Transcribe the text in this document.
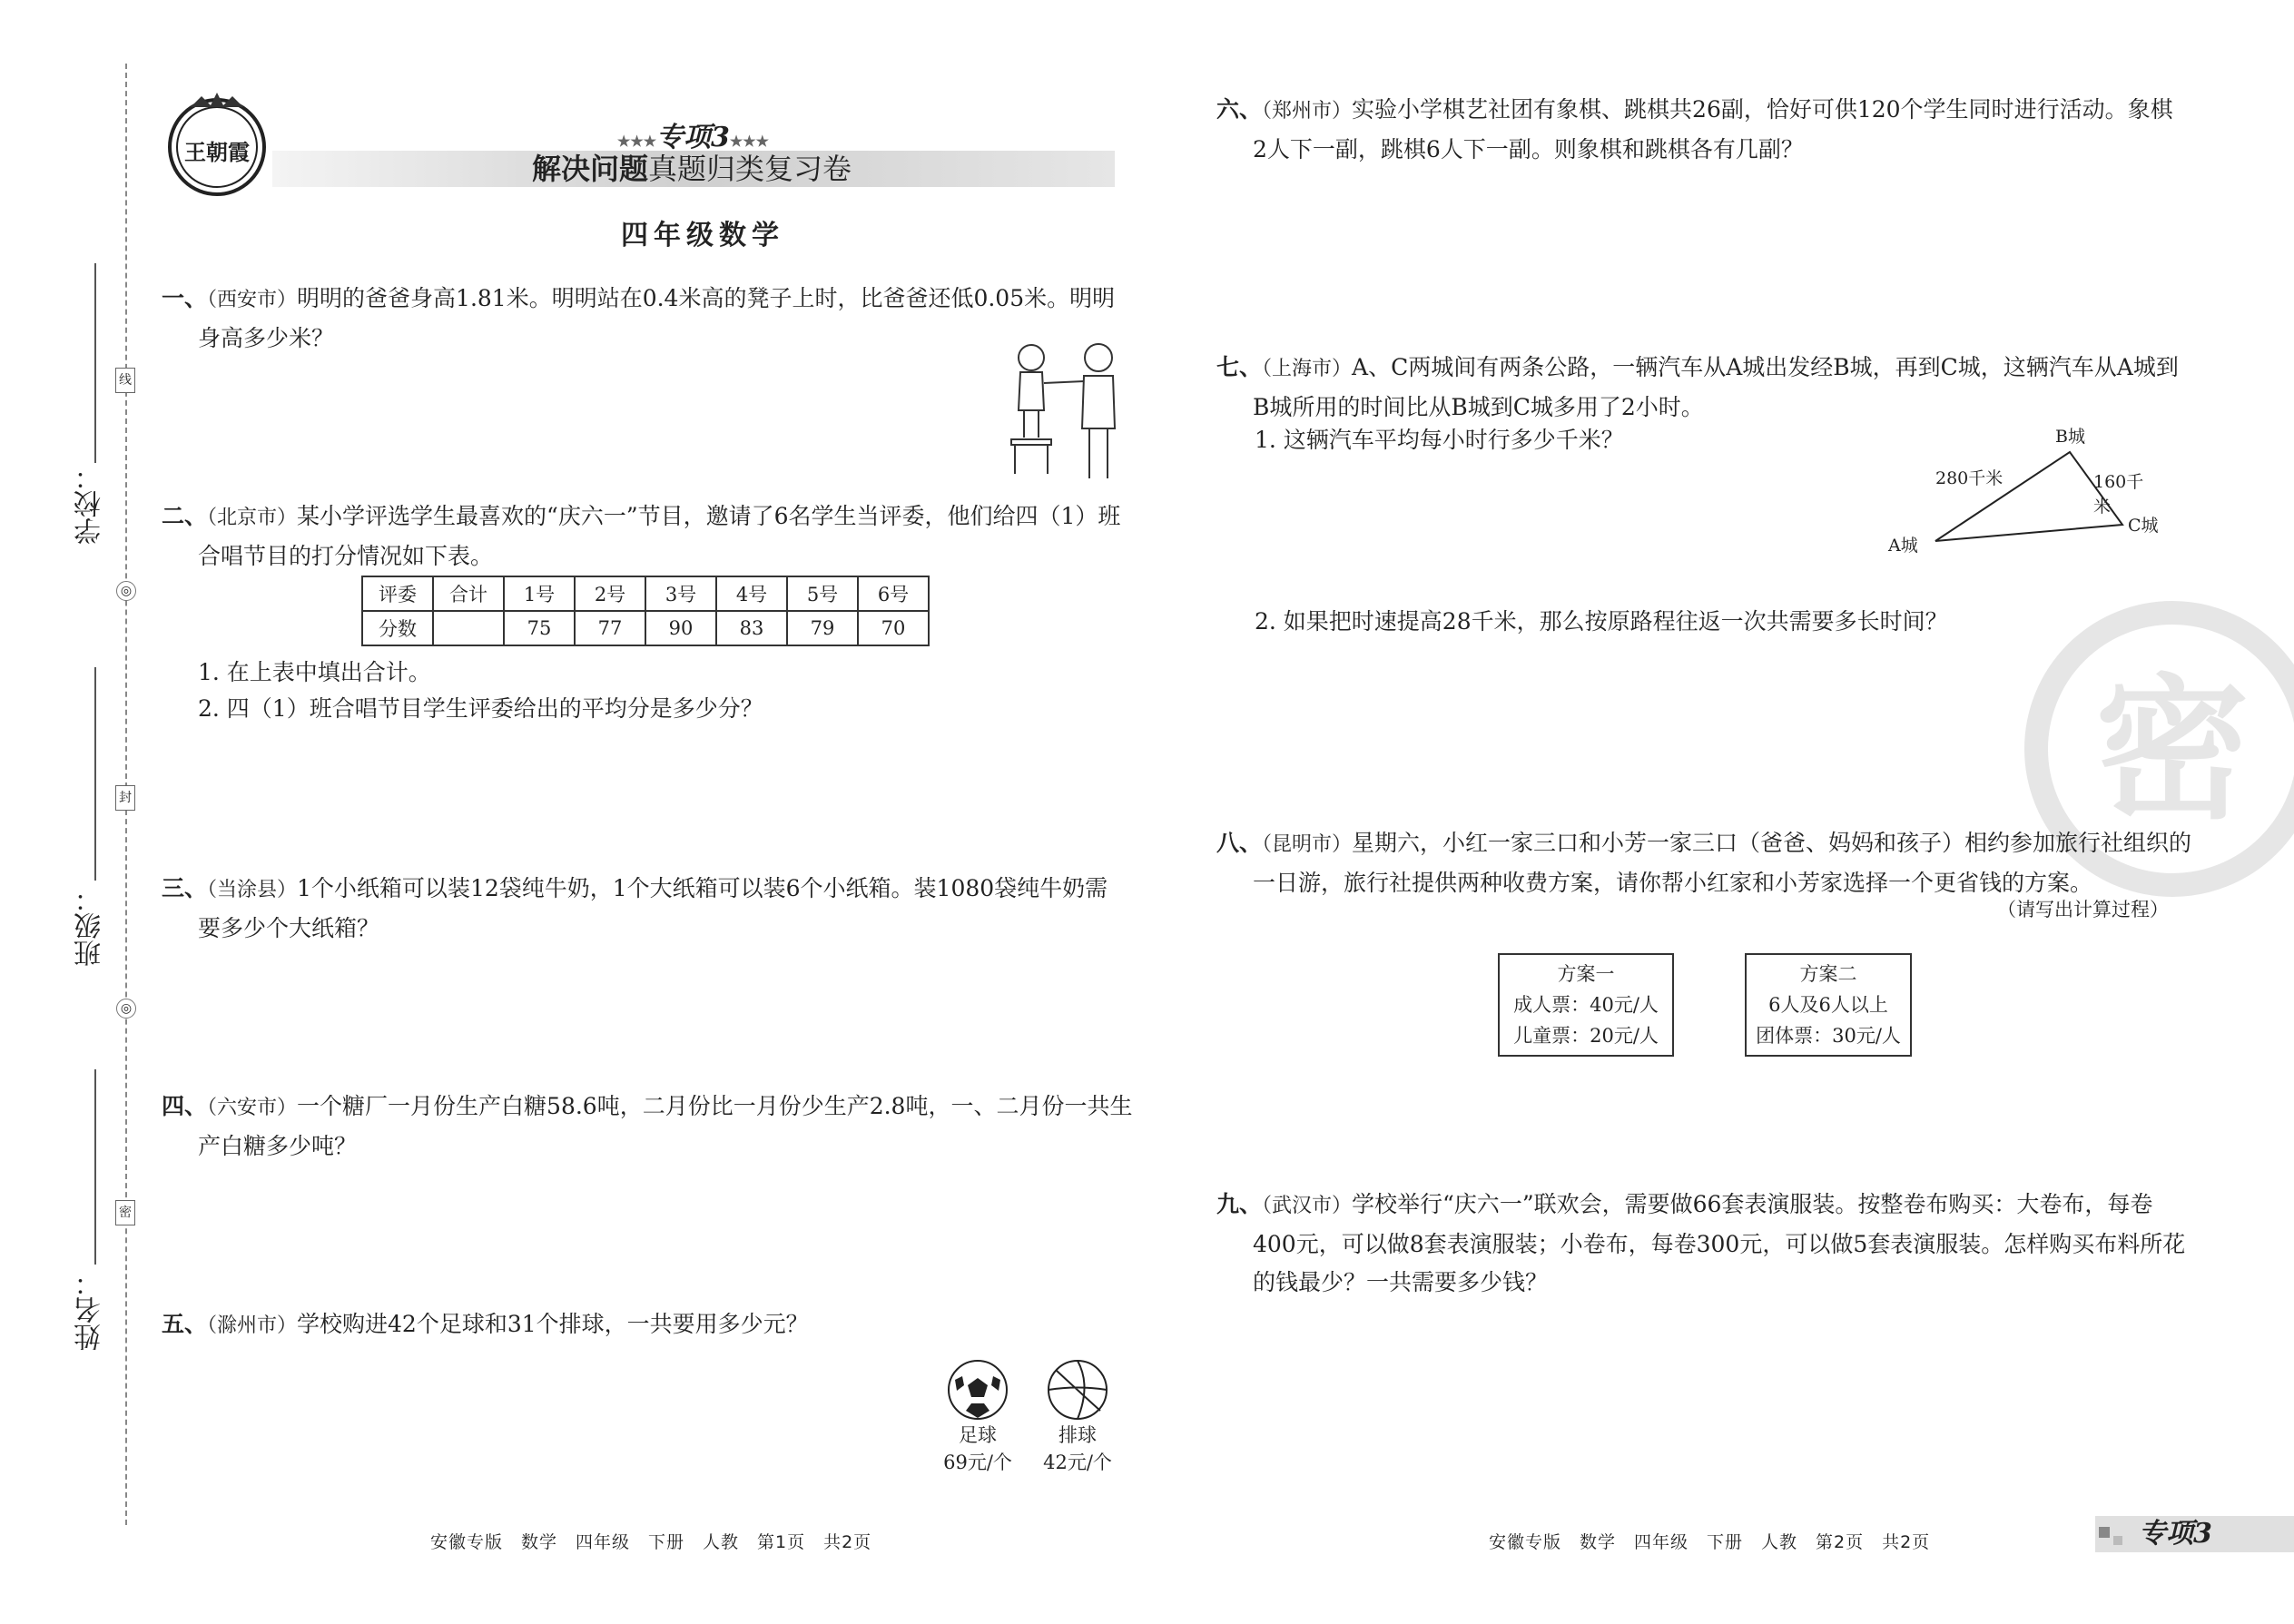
学校：
班级：
姓名：
线
◎
封
◎
密
王朝霞	★★★专项3★★★
解决问题真题归类复习卷
四年级数学
一、（西安市）明明的爸爸身高1.81米。明明站在0.4米高的凳子上时，比爸爸还低0.05米。明明
身高多少米？
二、（北京市）某小学评选学生最喜欢的“庆六一”节目，邀请了6名学生当评委，他们给四（1）班
合唱节目的打分情况如下表。
评委	合计	1号	2号	3号	4号	5号	6号
分数		75	77	90	83	79	70
1. 在上表中填出合计。
2. 四（1）班合唱节目学生评委给出的平均分是多少分？
三、（当涂县）1个小纸箱可以装12袋纯牛奶，1个大纸箱可以装6个小纸箱。装1080袋纯牛奶需
要多少个大纸箱？
四、（六安市）一个糖厂一月份生产白糖58.6吨，二月份比一月份少生产2.8吨，一、二月份一共生
产白糖多少吨？
五、（滁州市）学校购进42个足球和31个排球，一共要用多少元？
足球
69元/个
排球
42元/个
安徽专版　数学　四年级　下册　人教　第1页　共2页
密
六、（郑州市）实验小学棋艺社团有象棋、跳棋共26副，恰好可供120个学生同时进行活动。象棋
2人下一副，跳棋6人下一副。则象棋和跳棋各有几副？
七、（上海市）A、C两城间有两条公路，一辆汽车从A城出发经B城，再到C城，这辆汽车从A城到
B城所用的时间比从B城到C城多用了2小时。
1. 这辆汽车平均每小时行多少千米？	B城
A城
C城
280千米	160千米
2. 如果把时速提高28千米，那么按原路程往返一次共需要多长时间？
八、（昆明市）星期六，小红一家三口和小芳一家三口（爸爸、妈妈和孩子）相约参加旅行社组织的
一日游，旅行社提供两种收费方案，请你帮小红家和小芳家选择一个更省钱的方案。
（请写出计算过程）
方案一
成人票：40元/人
儿童票：20元/人
方案二
6人及6人以上
团体票：30元/人
九、（武汉市）学校举行“庆六一”联欢会，需要做66套表演服装。按整卷布购买：大卷布，每卷
400元，可以做8套表演服装；小卷布，每卷300元，可以做5套表演服装。怎样购买布料所花
的钱最少？一共需要多少钱？
安徽专版　数学　四年级　下册　人教　第2页　共2页	专项3
